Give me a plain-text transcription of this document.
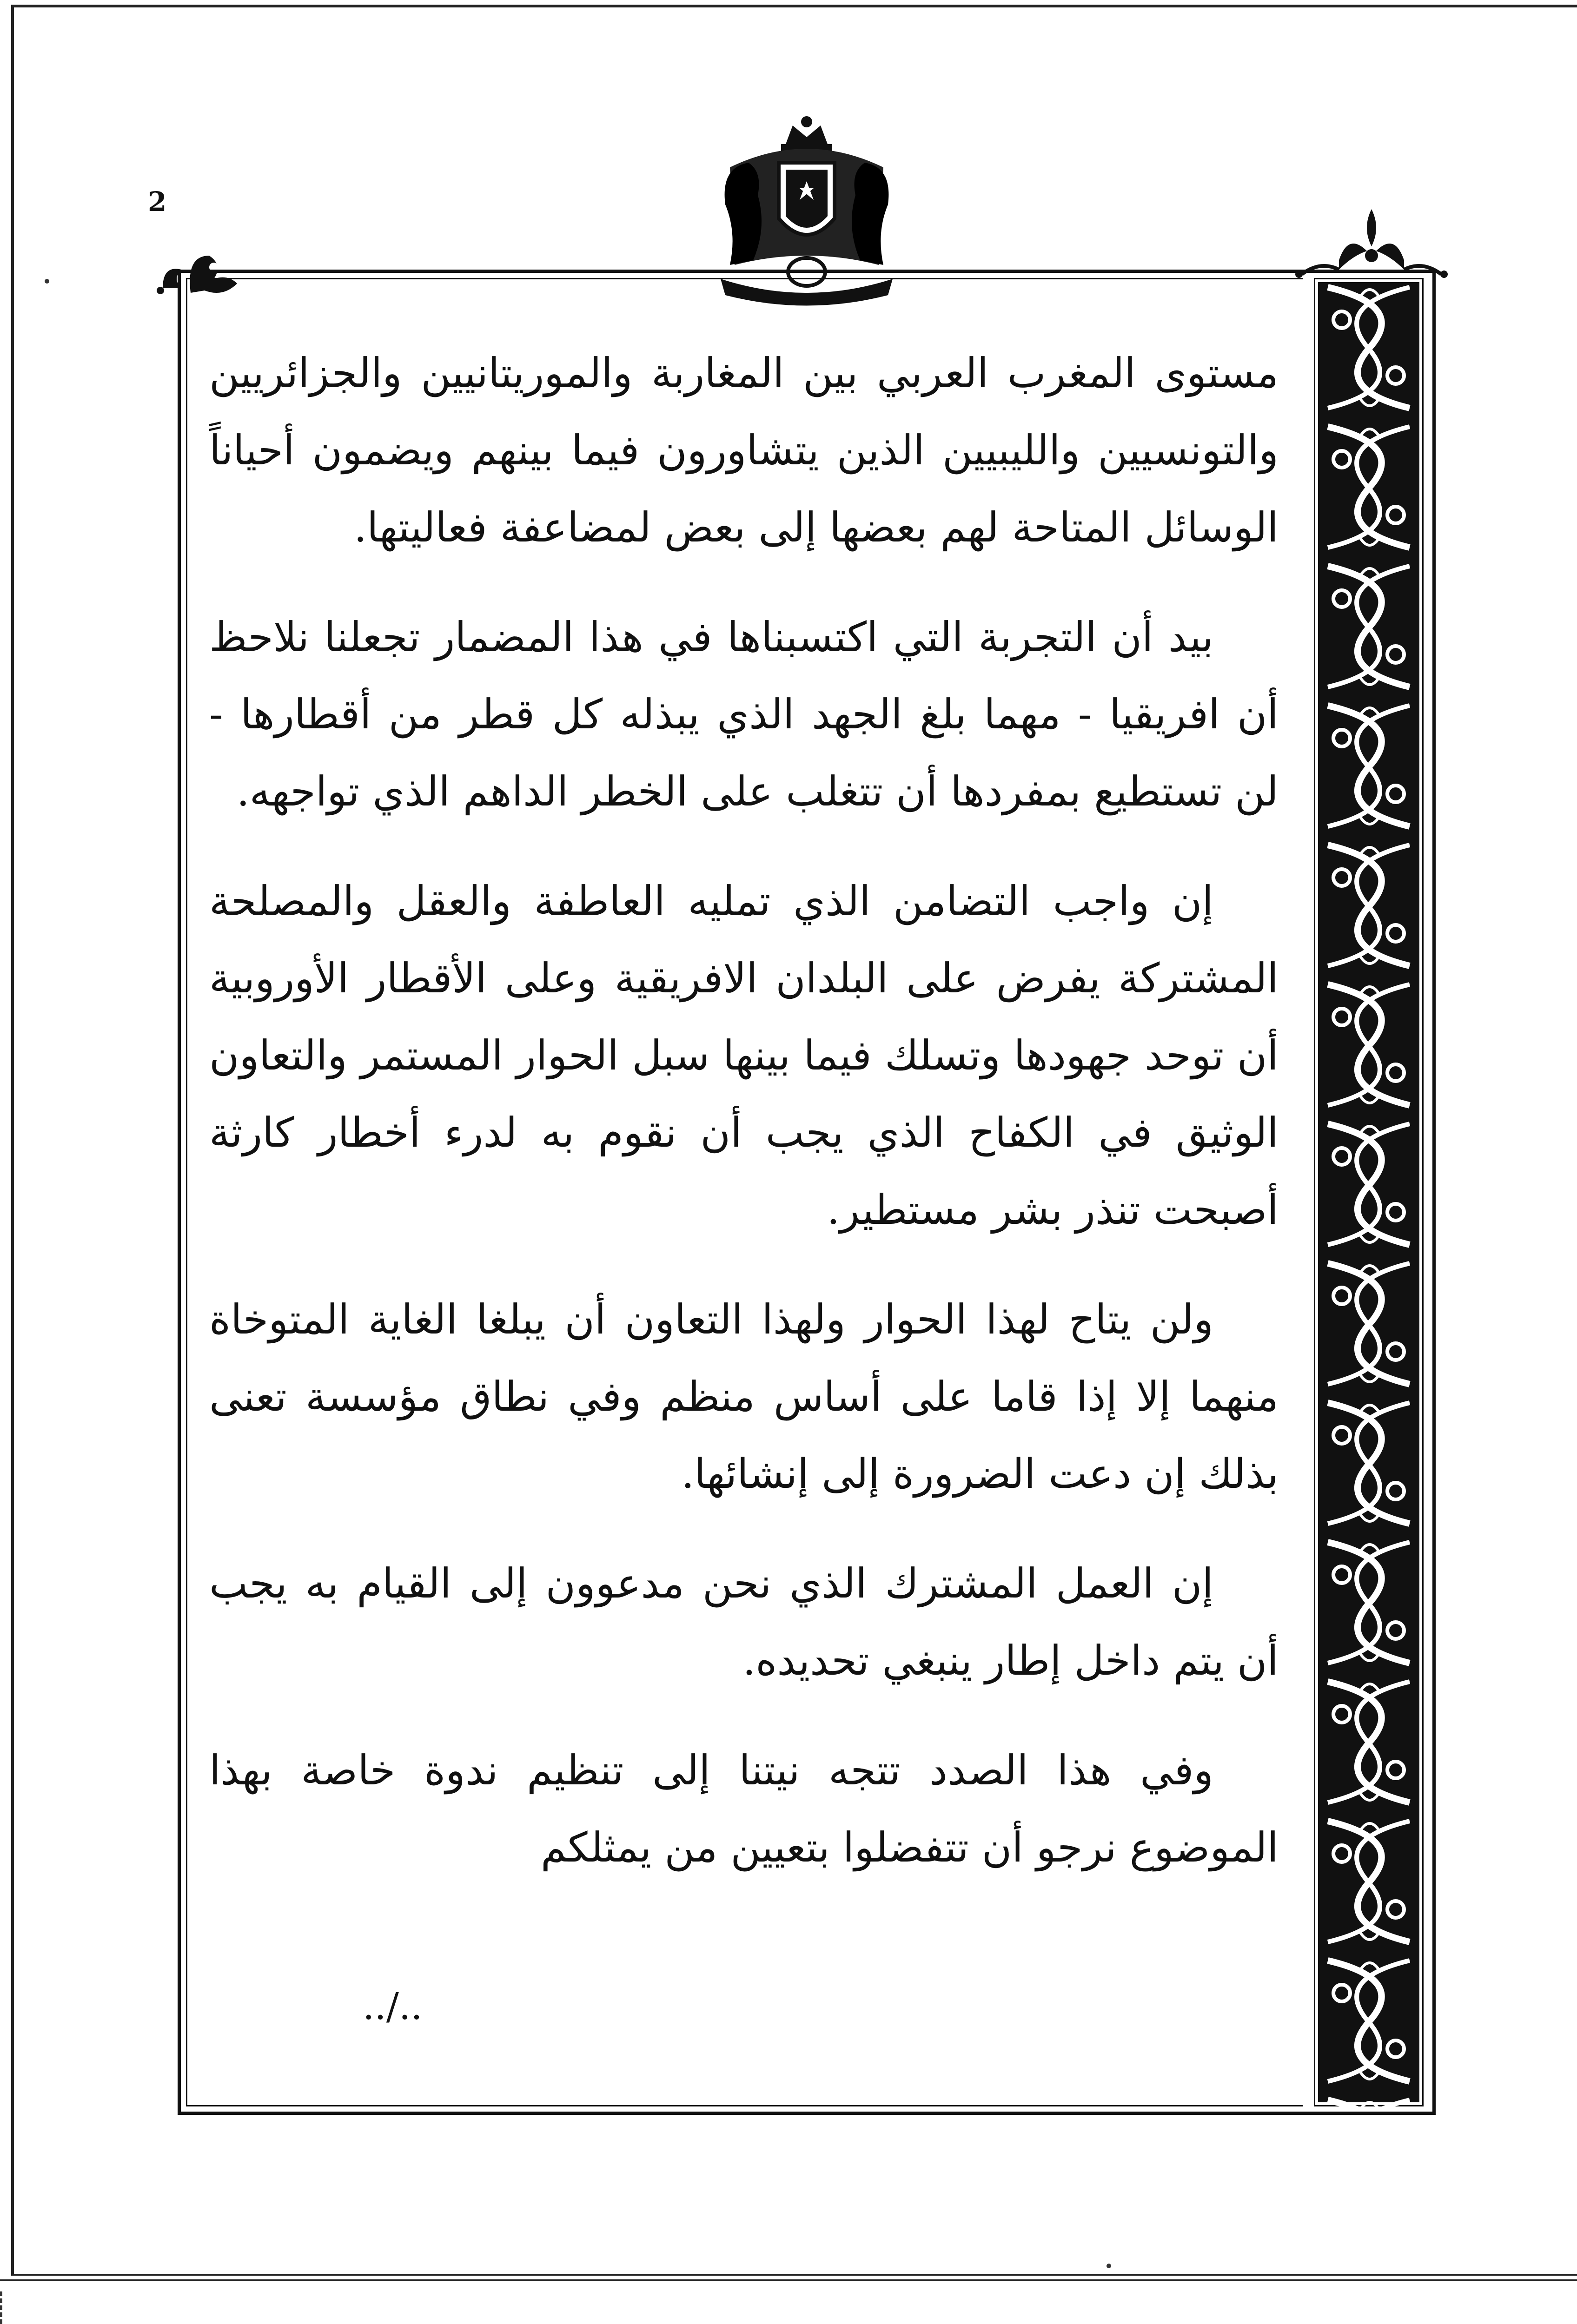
2

مستوى المغرب العربي بين المغاربة والموريتانيين والجزائريين والتونسيين والليبيين الذين يتشاورون فيما بينهم ويضمون أحياناً الوسائل المتاحة لهم بعضها إلى بعض لمضاعفة فعاليتها.

بيد أن التجربة التي اكتسبناها في هذا المضمار تجعلنا نلاحظ أن افريقيا - مهما بلغ الجهد الذي يبذله كل قطر من أقطارها - لن تستطيع بمفردها أن تتغلب على الخطر الداهم الذي تواجهه.

إن واجب التضامن الذي تمليه العاطفة والعقل والمصلحة المشتركة يفرض على البلدان الافريقية وعلى الأقطار الأوروبية أن توحد جهودها وتسلك فيما بينها سبل الحوار المستمر والتعاون الوثيق في الكفاح الذي يجب أن نقوم به لدرء أخطار كارثة أصبحت تنذر بشر مستطير.

ولن يتاح لهذا الحوار ولهذا التعاون أن يبلغا الغاية المتوخاة منهما إلا إذا قاما على أساس منظم وفي نطاق مؤسسة تعنى بذلك إن دعت الضرورة إلى إنشائها.

إن العمل المشترك الذي نحن مدعوون إلى القيام به يجب أن يتم داخل إطار ينبغي تحديده.

وفي هذا الصدد تتجه نيتنا إلى تنظيم ندوة خاصة بهذا الموضوع نرجو أن تتفضلوا بتعيين من يمثلكم

../..
